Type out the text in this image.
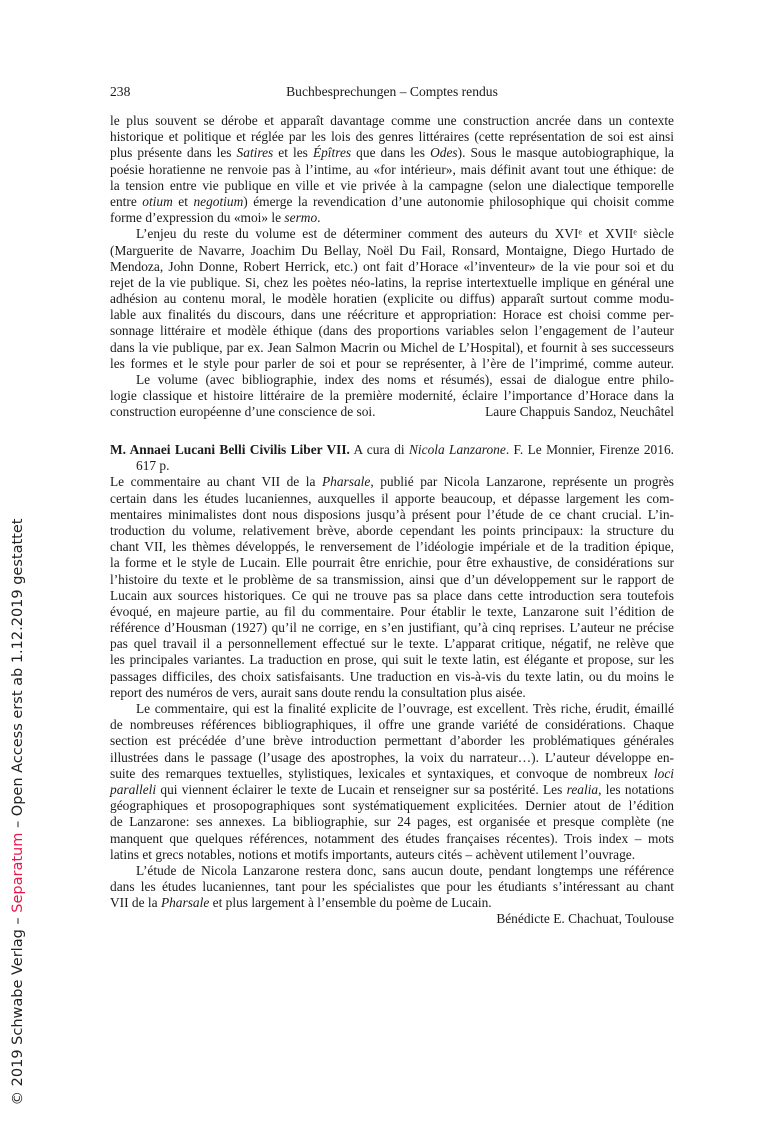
238	Buchbesprechungen – Comptes rendus
le plus souvent se dérobe et apparaît davantage comme une construction ancrée dans un contexte
historique et politique et réglée par les lois des genres littéraires (cette représentation de soi est ainsi
plus présente dans les Satires et les Épîtres que dans les Odes). Sous le masque autobiographique, la
poésie horatienne ne renvoie pas à l’intime, au «for intérieur», mais définit avant tout une éthique: de
la tension entre vie publique en ville et vie privée à la campagne (selon une dialectique temporelle
entre otium et negotium) émerge la revendication d’une autonomie philosophique qui choisit comme
forme d’expression du «moi» le sermo.
L’enjeu du reste du volume est de déterminer comment des auteurs du XVIᵉ et XVIIᵉ siècle
(Marguerite de Navarre, Joachim Du Bellay, Noël Du Fail, Ronsard, Montaigne, Diego Hurtado de
Mendoza, John Donne, Robert Herrick, etc.) ont fait d’Horace «l’inventeur» de la vie pour soi et du
rejet de la vie publique. Si, chez les poètes néo-latins, la reprise intertextuelle implique en général une
adhésion au contenu moral, le modèle horatien (explicite ou diffus) apparaît surtout comme modu-
lable aux finalités du discours, dans une réécriture et appropriation: Horace est choisi comme per-
sonnage littéraire et modèle éthique (dans des proportions variables selon l’engagement de l’auteur
dans la vie publique, par ex. Jean Salmon Macrin ou Michel de L’Hospital), et fournit à ses successeurs
les formes et le style pour parler de soi et pour se représenter, à l’ère de l’imprimé, comme auteur.
Le volume (avec bibliographie, index des noms et résumés), essai de dialogue entre philo-
logie classique et histoire littéraire de la première modernité, éclaire l’importance d’Horace dans la
construction européenne d’une conscience de soi.	Laure Chappuis Sandoz, Neuchâtel
M. Annaei Lucani Belli Civilis Liber VII. A cura di Nicola Lanzarone. F. Le Monnier, Firenze 2016.
617 p.
Le commentaire au chant VII de la Pharsale, publié par Nicola Lanzarone, représente un progrès
certain dans les études lucaniennes, auxquelles il apporte beaucoup, et dépasse largement les com-
mentaires minimalistes dont nous disposions jusqu’à présent pour l’étude de ce chant crucial. L’in-
troduction du volume, relativement brève, aborde cependant les points principaux: la structure du
chant VII, les thèmes développés, le renversement de l’idéologie impériale et de la tradition épique,
la forme et le style de Lucain. Elle pourrait être enrichie, pour être exhaustive, de considérations sur
l’histoire du texte et le problème de sa transmission, ainsi que d’un développement sur le rapport de
Lucain aux sources historiques. Ce qui ne trouve pas sa place dans cette introduction sera toutefois
évoqué, en majeure partie, au fil du commentaire. Pour établir le texte, Lanzarone suit l’édition de
référence d’Housman (1927) qu’il ne corrige, en s’en justifiant, qu’à cinq reprises. L’auteur ne précise
pas quel travail il a personnellement effectué sur le texte. L’apparat critique, négatif, ne relève que
les principales variantes. La traduction en prose, qui suit le texte latin, est élégante et propose, sur les
passages difficiles, des choix satisfaisants. Une traduction en vis-à-vis du texte latin, ou du moins le
report des numéros de vers, aurait sans doute rendu la consultation plus aisée.
Le commentaire, qui est la finalité explicite de l’ouvrage, est excellent. Très riche, érudit, émaillé
de nombreuses références bibliographiques, il offre une grande variété de considérations. Chaque
section est précédée d’une brève introduction permettant d’aborder les problématiques générales
illustrées dans le passage (l’usage des apostrophes, la voix du narrateur…). L’auteur développe en-
suite des remarques textuelles, stylistiques, lexicales et syntaxiques, et convoque de nombreux loci
paralleli qui viennent éclairer le texte de Lucain et renseigner sur sa postérité. Les realia, les notations
géographiques et prosopographiques sont systématiquement explicitées. Dernier atout de l’édition
de Lanzarone: ses annexes. La bibliographie, sur 24 pages, est organisée et presque complète (ne
manquent que quelques références, notamment des études françaises récentes). Trois index – mots
latins et grecs notables, notions et motifs importants, auteurs cités – achèvent utilement l’ouvrage.
L’étude de Nicola Lanzarone restera donc, sans aucun doute, pendant longtemps une référence
dans les études lucaniennes, tant pour les spécialistes que pour les étudiants s’intéressant au chant
VII de la Pharsale et plus largement à l’ensemble du poème de Lucain.
Bénédicte E. Chachuat, Toulouse
© 2019 Schwabe Verlag – Separatum – Open Access erst ab 1.12.2019 gestattet
